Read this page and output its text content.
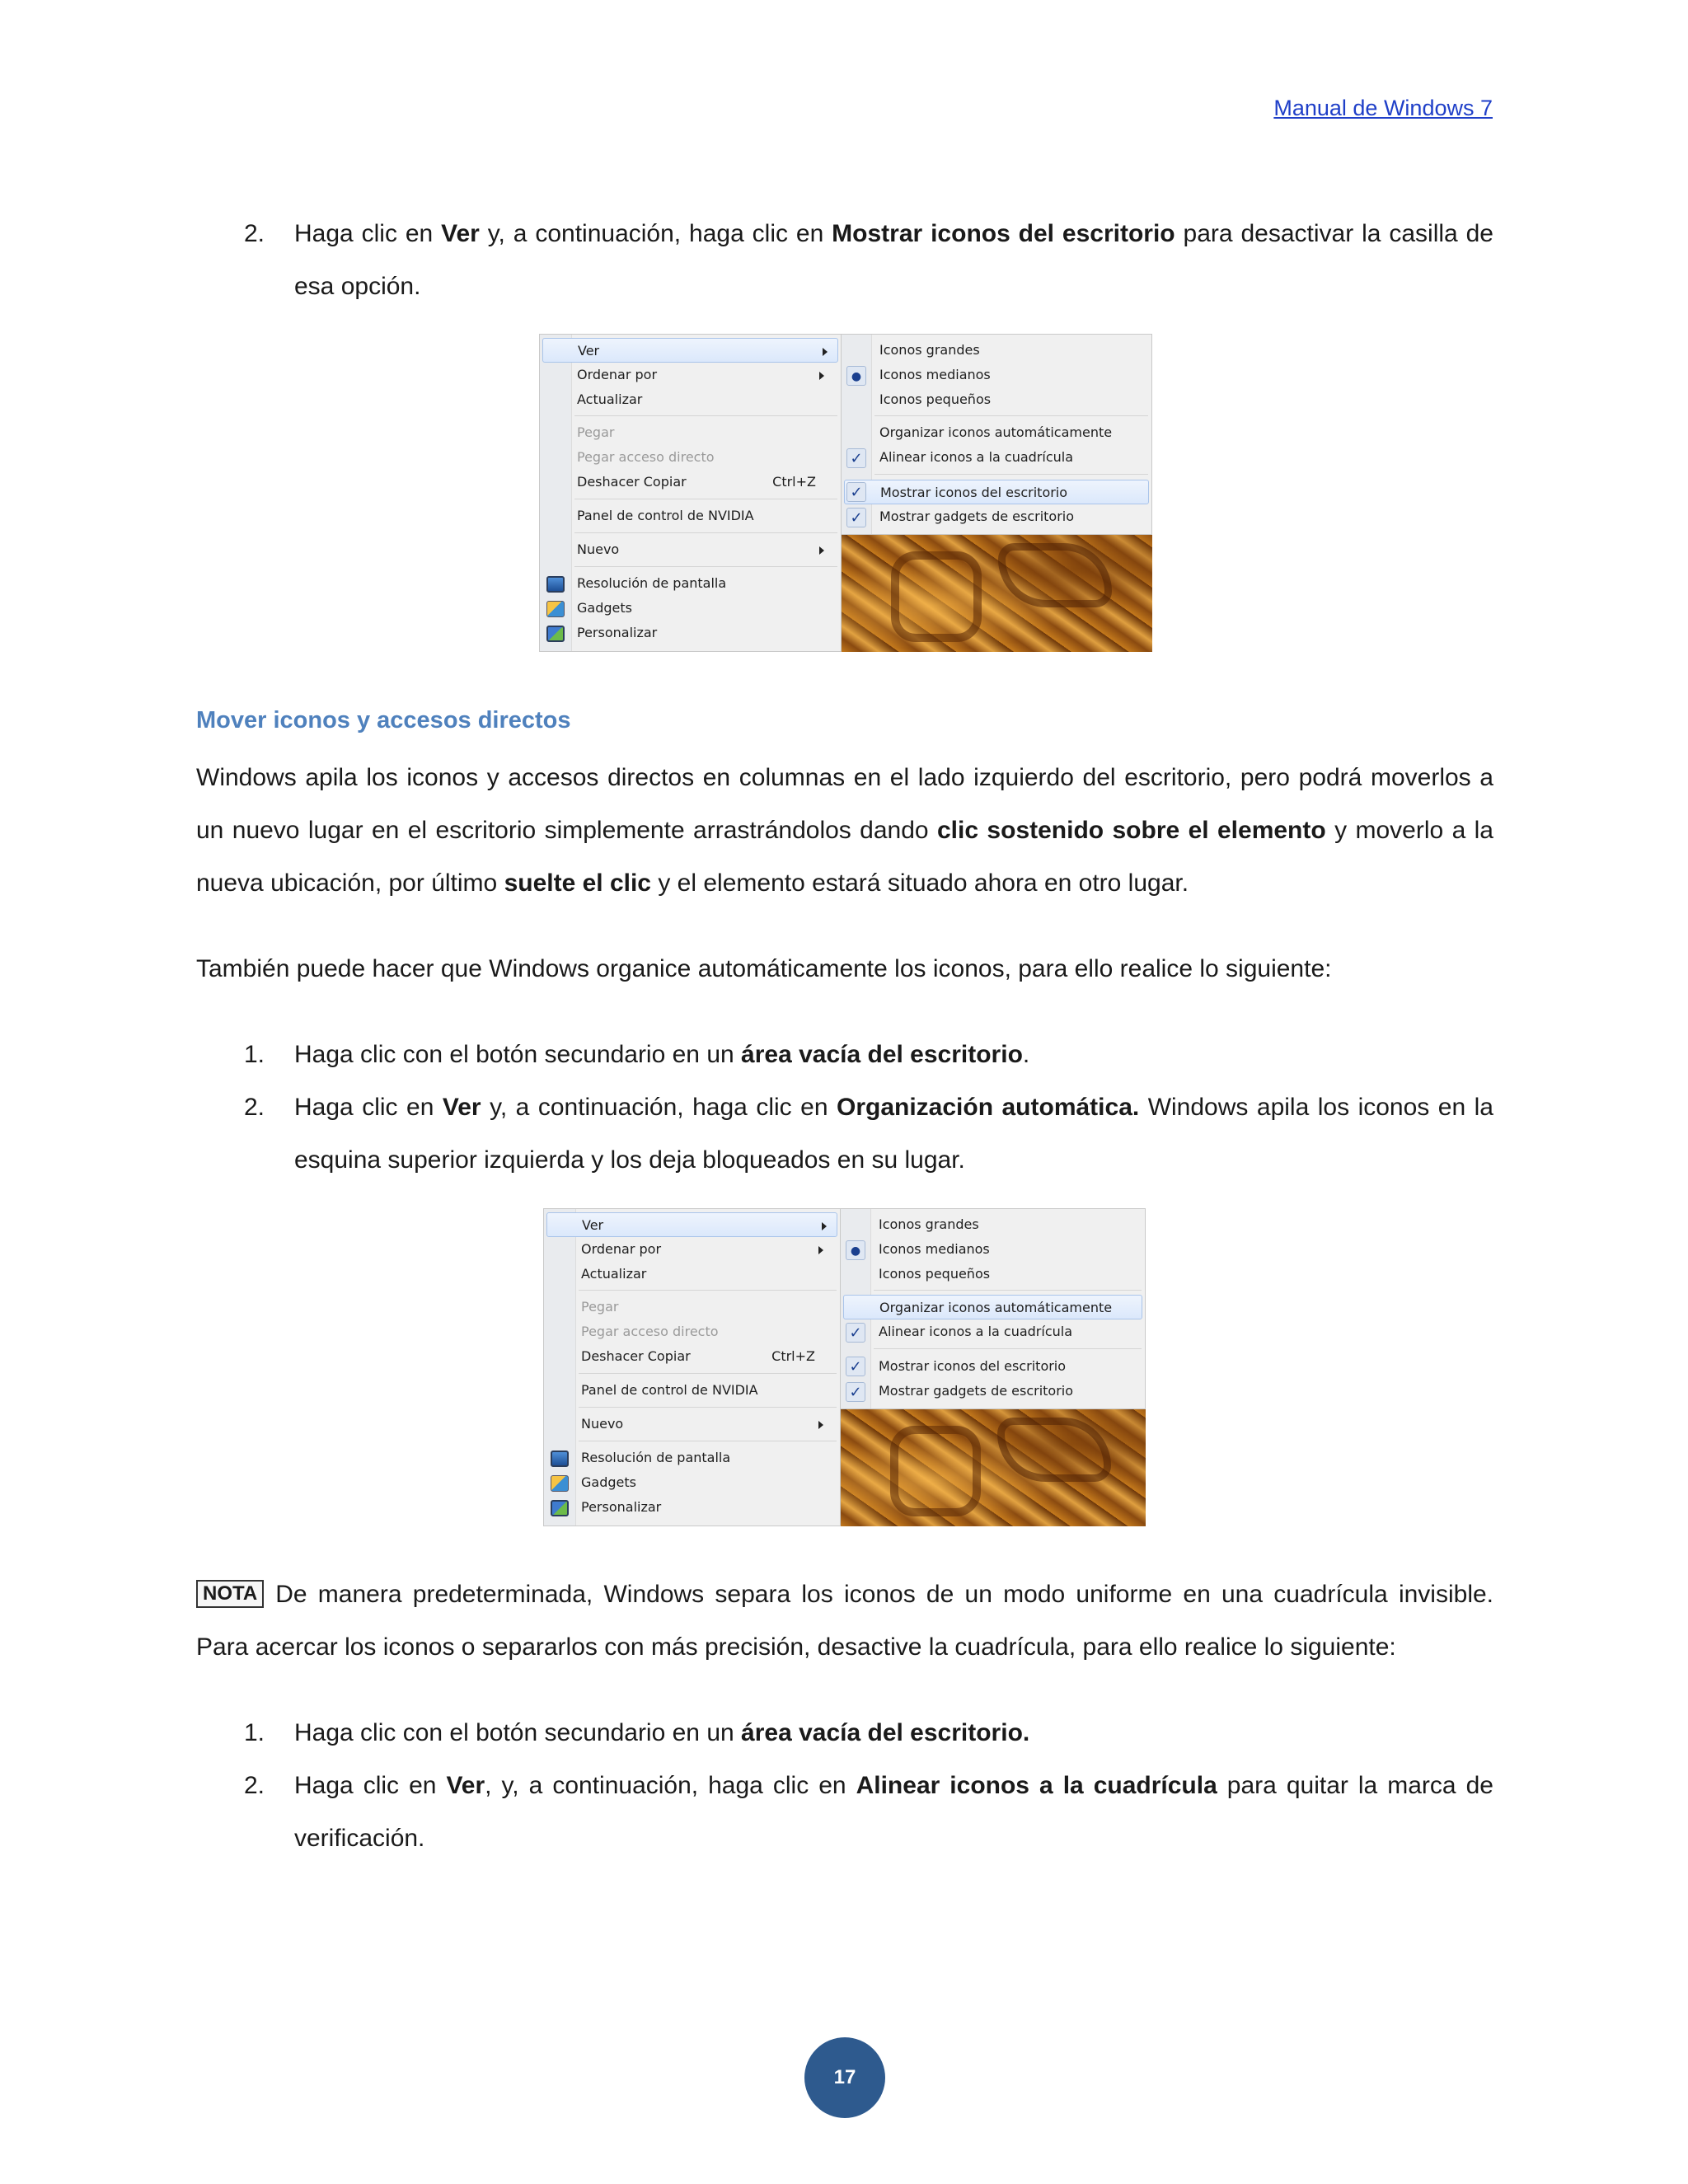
Manual de Windows 7
2.	Haga clic en Ver y, a continuación, haga clic en Mostrar iconos del escritorio para desactivar la casilla de esa opción.
Ver
Ordenar por
Actualizar
Pegar
Pegar acceso directo
Deshacer Copiar	Ctrl+Z
Panel de control de NVIDIA
Nuevo
Resolución de pantalla
Gadgets
Personalizar
Iconos grandes
●	Iconos medianos
Iconos pequeños
Organizar iconos automáticamente
✓ Alinear iconos a la cuadrícula
Mostrar iconos del escritorio
✓
✓ Mostrar gadgets de escritorio
Mover iconos y accesos directos

Windows apila los iconos y accesos directos en columnas en el lado izquierdo del escritorio, pero podrá moverlos a un nuevo lugar en el escritorio simplemente arrastrándolos dando clic sostenido sobre el elemento y moverlo a la nueva ubicación, por último suelte el clic y el elemento estará situado ahora en otro lugar.

También puede hacer que Windows organice automáticamente los iconos, para ello realice lo siguiente:

1.	Haga clic con el botón secundario en un área vacía del escritorio.
2.	Haga clic en Ver y, a continuación, haga clic en Organización automática. Windows apila los iconos en la esquina superior izquierda y los deja bloqueados en su lugar.
Ver
Ordenar por
Actualizar
Pegar
Pegar acceso directo
Deshacer Copiar	Ctrl+Z
Panel de control de NVIDIA
Nuevo
Resolución de pantalla
Gadgets
Personalizar
Iconos grandes
●	Iconos medianos
Iconos pequeños
Organizar iconos automáticamente
✓ Alinear iconos a la cuadrícula
✓ Mostrar iconos del escritorio
✓ Mostrar gadgets de escritorio

NOTA De manera predeterminada, Windows separa los iconos de un modo uniforme en una cuadrícula invisible. Para acercar los iconos o separarlos con más precisión, desactive la cuadrícula, para ello realice lo siguiente:

1.	Haga clic con el botón secundario en un área vacía del escritorio.
2.	Haga clic en Ver, y, a continuación, haga clic en Alinear iconos a la cuadrícula para quitar la marca de verificación.
17
